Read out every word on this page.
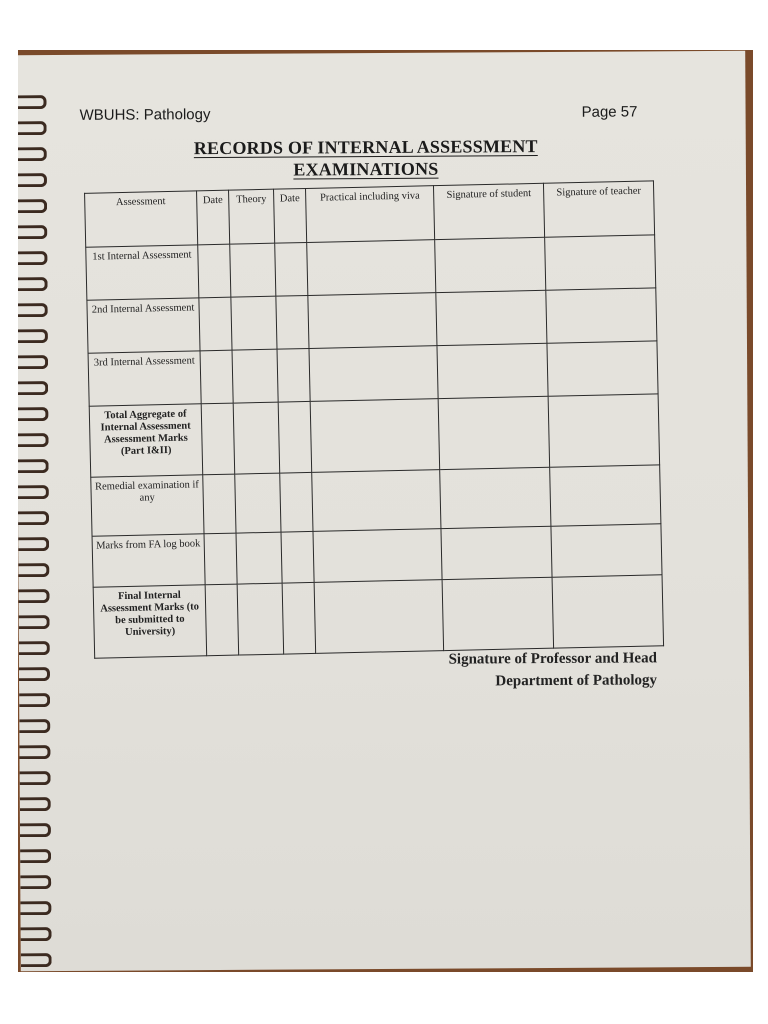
WBUHS: Pathology	Page 57
RECORDS OF INTERNAL ASSESSMENT
EXAMINATIONS
Assessment	Date	Theory	Date	Practical including viva	Signature of student	Signature of teacher
1st Internal Assessment						
2nd Internal Assessment						
3rd Internal Assessment						
Total Aggregate of Internal Assessment Assessment Marks (Part I&II)						
Remedial examination if any						
Marks from FA log book						
Final Internal Assessment Marks (to be submitted to University)						
Signature of Professor and Head
Department of Pathology
